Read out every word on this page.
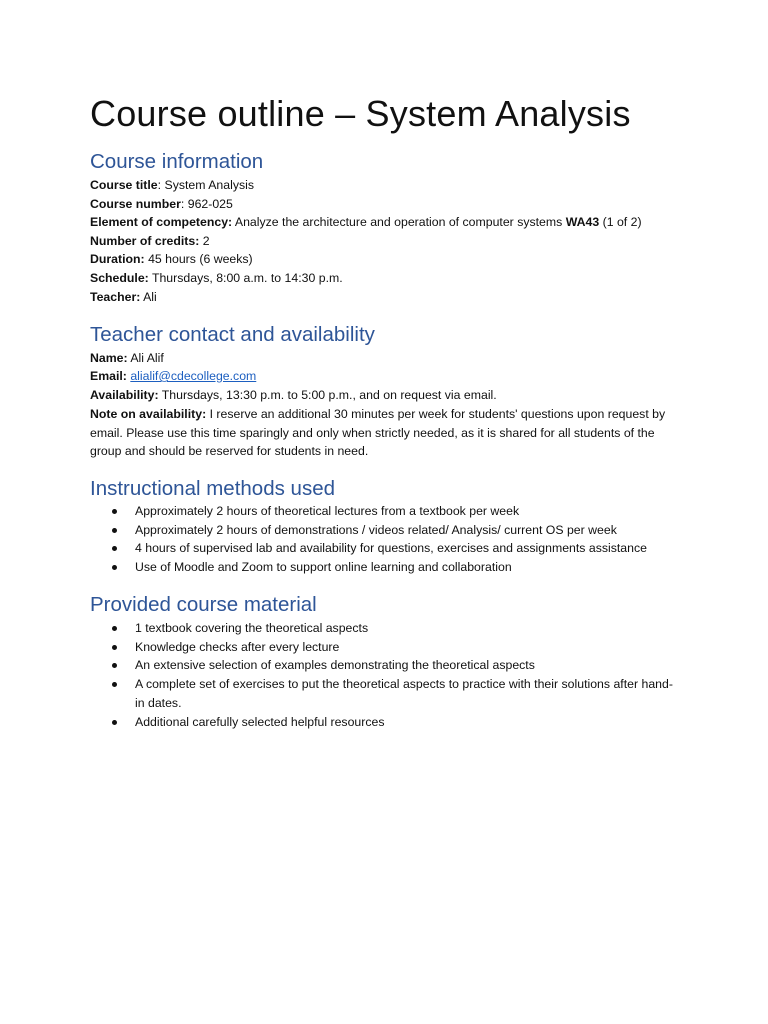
Course outline – System Analysis
Course information

Course title: System Analysis

Course number: 962-025

Element of competency: Analyze the architecture and operation of computer systems WA43 (1 of 2)

Number of credits: 2

Duration: 45 hours (6 weeks)

Schedule: Thursdays, 8:00 a.m. to 14:30 p.m.

Teacher: Ali

Teacher contact and availability

Name: Ali Alif

Email: alialif@cdecollege.com

Availability: Thursdays, 13:30 p.m. to 5:00 p.m., and on request via email.

Note on availability: I reserve an additional 30 minutes per week for students' questions upon request by email. Please use this time sparingly and only when strictly needed, as it is shared for all students of the group and should be reserved for students in need.

Instructional methods used
Approximately 2 hours of theoretical lectures from a textbook per week
Approximately 2 hours of demonstrations / videos related/ Analysis/ current OS per week
4 hours of supervised lab and availability for questions, exercises and assignments assistance
Use of Moodle and Zoom to support online learning and collaboration
Provided course material
1 textbook covering the theoretical aspects
Knowledge checks after every lecture
An extensive selection of examples demonstrating the theoretical aspects
A complete set of exercises to put the theoretical aspects to practice with their solutions after hand-in dates.
Additional carefully selected helpful resources
